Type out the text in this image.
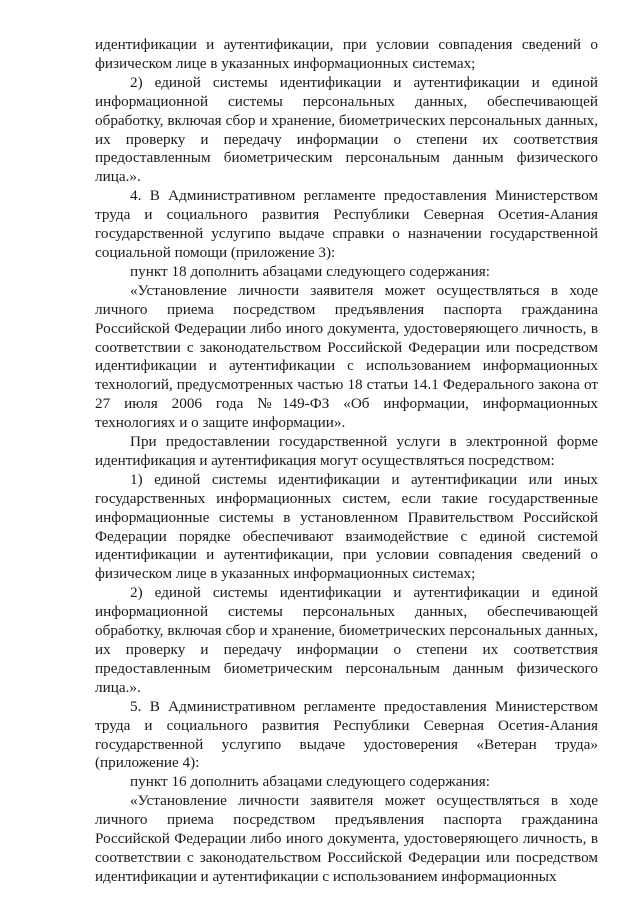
идентификации и аутентификации, при условии совпадения сведений о физическом лице в указанных информационных системах;

2) единой системы идентификации и аутентификации и единой информационной системы персональных данных, обеспечивающей обработку, включая сбор и хранение, биометрических персональных данных, их проверку и передачу информации о степени их соответствия предоставленным биометрическим персональным данным физического лица.».

4. В Административном регламенте предоставления Министерством труда и социального развития Республики Северная Осетия-Алания государственной услугипо выдаче справки о назначении государственной социальной помощи (приложение 3):

пункт 18 дополнить абзацами следующего содержания:

«Установление личности заявителя может осуществляться в ходе личного приема посредством предъявления паспорта гражданина Российской Федерации либо иного документа, удостоверяющего личность, в соответствии с законодательством Российской Федерации или посредством идентификации и аутентификации с использованием информационных технологий, предусмотренных частью 18 статьи 14.1 Федерального закона от 27 июля 2006 года №149-ФЗ «Об информации, информационных технологиях и о защите информации».

При предоставлении государственной услуги в электронной форме идентификация и аутентификация могут осуществляться посредством:

1) единой системы идентификации и аутентификации или иных государственных информационных систем, если такие государственные информационные системы в установленном Правительством Российской Федерации порядке обеспечивают взаимодействие с единой системой идентификации и аутентификации, при условии совпадения сведений о физическом лице в указанных информационных системах;

2) единой системы идентификации и аутентификации и единой информационной системы персональных данных, обеспечивающей обработку, включая сбор и хранение, биометрических персональных данных, их проверку и передачу информации о степени их соответствия предоставленным биометрическим персональным данным физического лица.».

5. В Административном регламенте предоставления Министерством труда и социального развития Республики Северная Осетия-Алания государственной услугипо выдаче удостоверения «Ветеран труда» (приложение 4):

пункт 16 дополнить абзацами следующего содержания:

«Установление личности заявителя может осуществляться в ходе личного приема посредством предъявления паспорта гражданина Российской Федерации либо иного документа, удостоверяющего личность, в соответствии с законодательством Российской Федерации или посредством идентификации и аутентификации с использованием информационных
